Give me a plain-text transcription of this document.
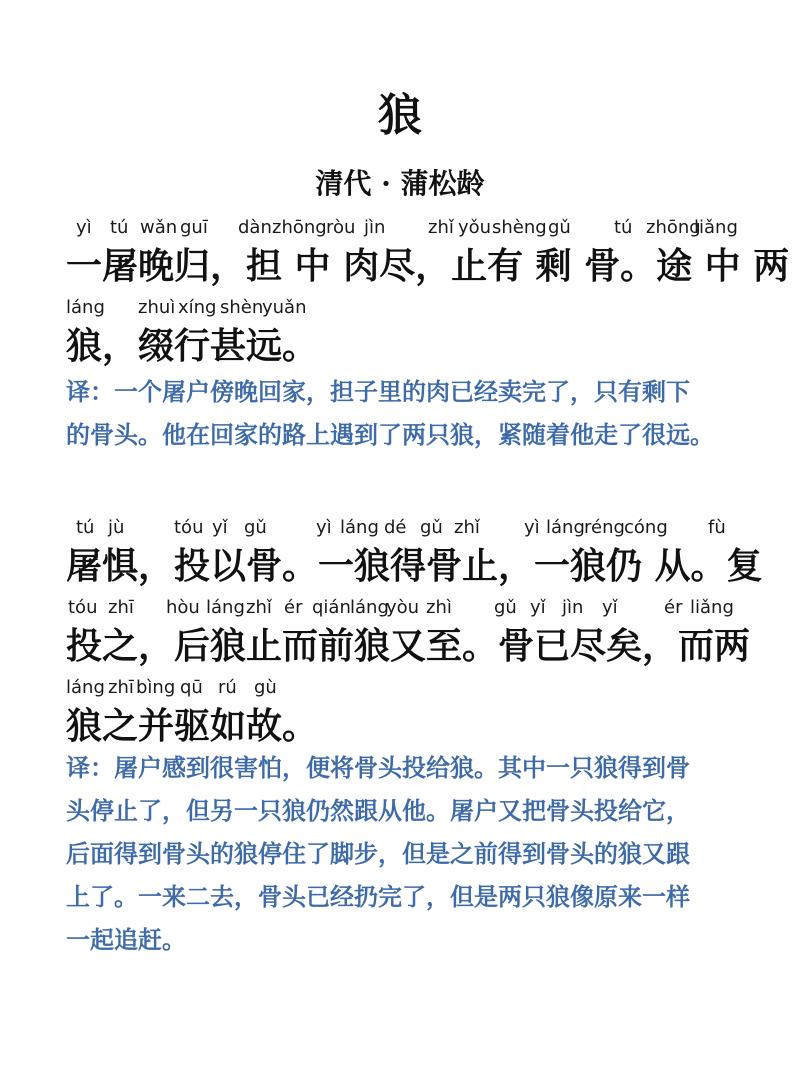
狼
清代 · 蒲松龄
yì tú wǎn guī dàn zhōng ròu jìn zhǐ yǒu shèng gǔ tú zhōng
liǎng
一屠晚归，担 中 肉尽，止有 剩 骨。途 中 两
láng zhuì xíng shèn
yuǎn
狼，缀行甚远。
译：一个屠户傍晚回家，担子里的肉已经卖完了，只有剩下
的骨头。他在回家的路上遇到了两只狼，紧随着他走了很远。
tú jù	tóu yǐ gǔ	yì láng dé gǔ zhǐ yì láng réng cóng fù
屠惧，投以骨。一狼得骨止，一狼仍 从。复
tóu zhī hòu láng zhǐ ér qián láng
yòu zhì gǔ yǐ jìn yǐ	ér liǎng
投之，后狼止而前狼又至。骨已尽矣，而两
láng zhī bìng qū rú gù
狼之并驱如故。
译：屠户感到很害怕，便将骨头投给狼。其中一只狼得到骨
头停止了，但另一只狼仍然跟从他。屠户又把骨头投给它，
后面得到骨头的狼停住了脚步，但是之前得到骨头的狼又跟
上了。一来二去，骨头已经扔完了，但是两只狼像原来一样
一起追赶。
